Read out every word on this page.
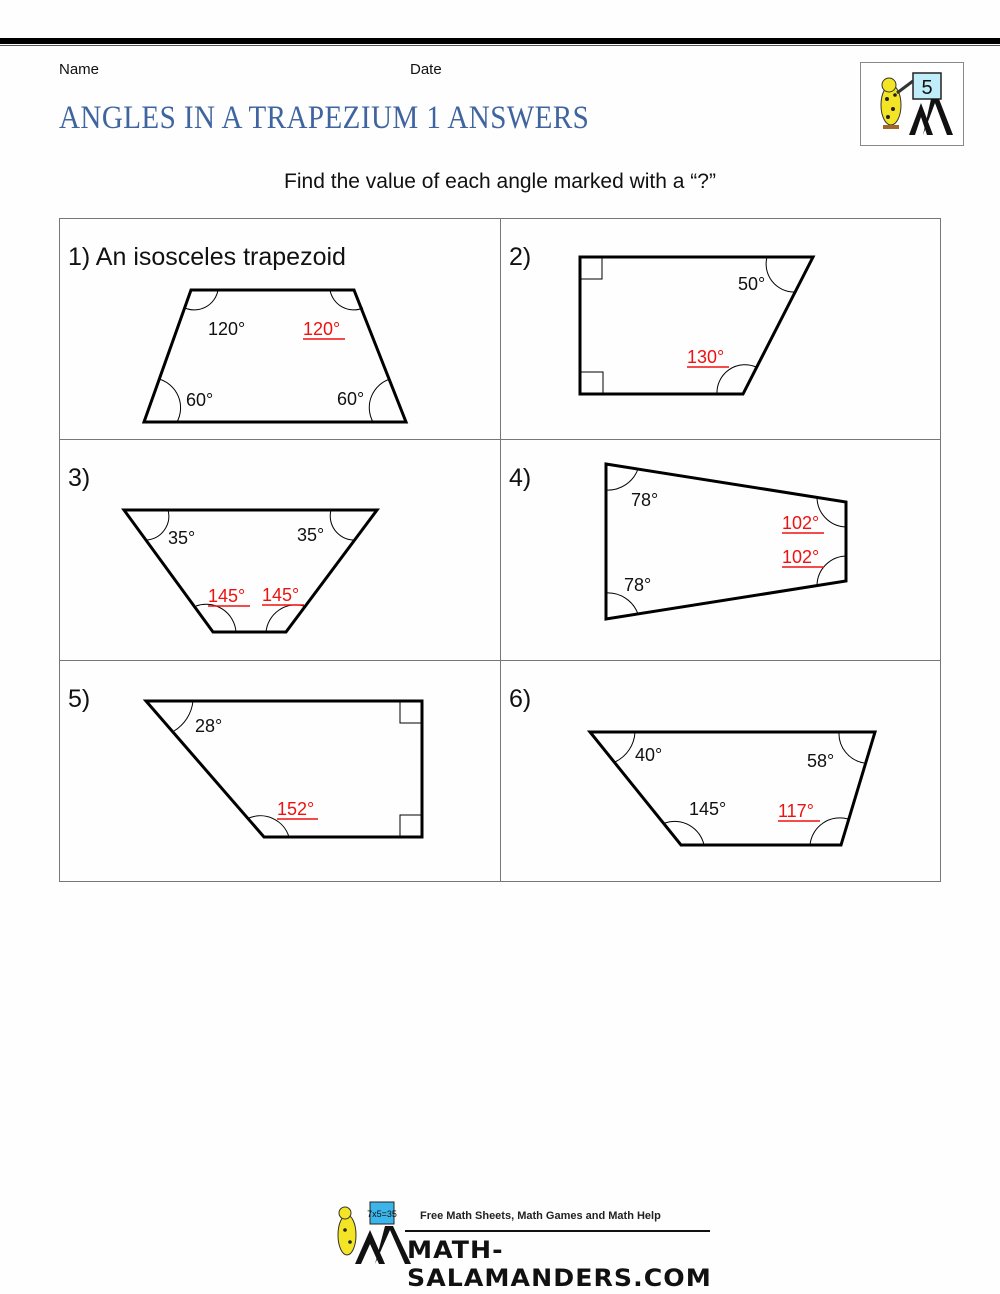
Name	Date
ANGLES IN A TRAPEZIUM 1 ANSWERS
5
Find the value of each angle marked with a “?”
1) An isosceles trapezoid
120°	120°
60°	60°
2)
50°
130°
3)
35°	35°
145° 145°
4)
78°
78°
102°
102°
5)
28°
152°
6)
40°	58°
145°	117°
7x5=35 Free Math Sheets, Math Games and Math Help
MATH-SALAMANDERS.COM
